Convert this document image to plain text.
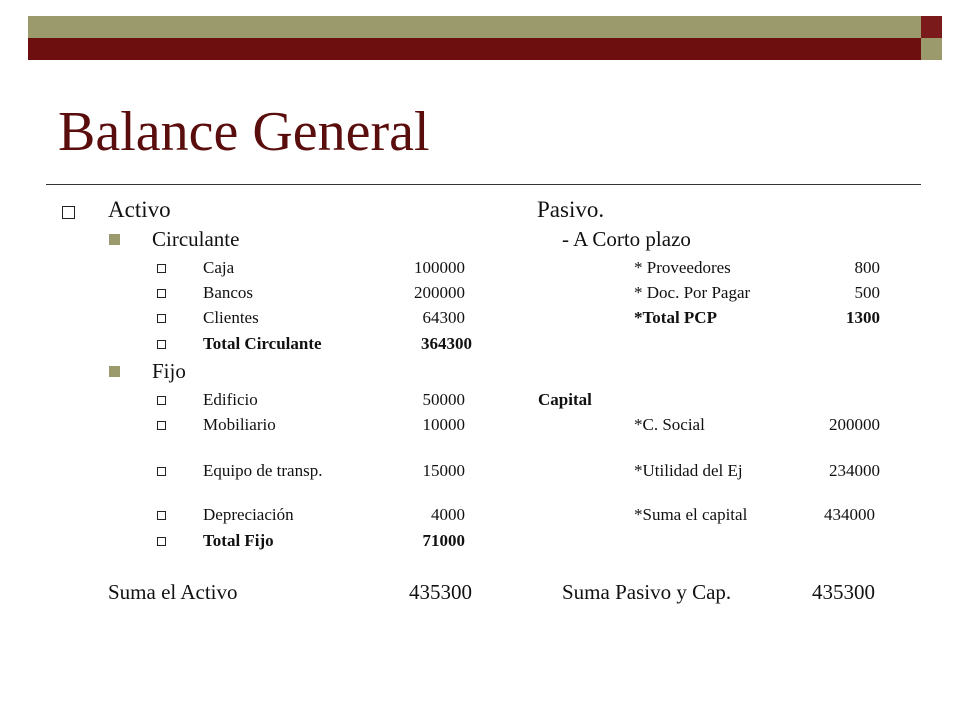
Balance General
Activo
Circulante
Caja	100000
Bancos	200000
Clientes	64300
Total Circulante	364300
Fijo
Edificio	50000
Mobiliario	10000
Equipo de transp.	15000
Depreciación	4000
Total Fijo	71000
Suma el Activo	435300
Pasivo.
- A Corto plazo
* Proveedores	800
* Doc. Por Pagar	500
*Total PCP	1300
Capital
*C. Social	200000
*Utilidad del Ej	234000
*Suma el capital	434000
Suma Pasivo y Cap.	435300
